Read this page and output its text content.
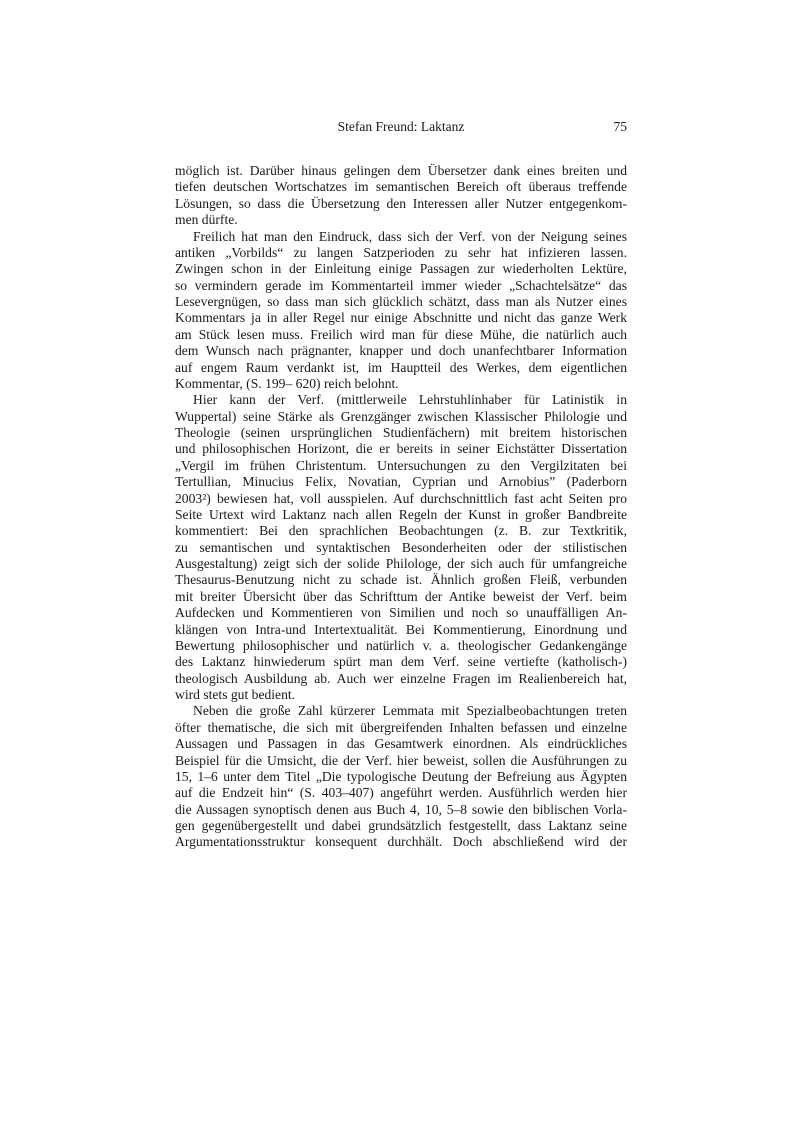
Stefan Freund: Laktanz	75
möglich ist. Darüber hinaus gelingen dem Übersetzer dank eines breiten und
tiefen deutschen Wortschatzes im semantischen Bereich oft überaus treffende
Lösungen, so dass die Übersetzung den Interessen aller Nutzer entgegenkom-
men dürfte.
Freilich hat man den Eindruck, dass sich der Verf. von der Neigung seines
antiken „Vorbilds“ zu langen Satzperioden zu sehr hat infizieren lassen.
Zwingen schon in der Einleitung einige Passagen zur wiederholten Lektüre,
so vermindern gerade im Kommentarteil immer wieder „Schachtelsätze“ das
Lesevergnügen, so dass man sich glücklich schätzt, dass man als Nutzer eines
Kommentars ja in aller Regel nur einige Abschnitte und nicht das ganze Werk
am Stück lesen muss. Freilich wird man für diese Mühe, die natürlich auch
dem Wunsch nach prägnanter, knapper und doch unanfechtbarer Information
auf engem Raum verdankt ist, im Hauptteil des Werkes, dem eigentlichen
Kommentar, (S. 199– 620) reich belohnt.
Hier kann der Verf. (mittlerweile Lehrstuhlinhaber für Latinistik in
Wuppertal) seine Stärke als Grenzgänger zwischen Klassischer Philologie und
Theologie (seinen ursprünglichen Studienfächern) mit breitem historischen
und philosophischen Horizont, die er bereits in seiner Eichstätter Dissertation
„Vergil im frühen Christentum. Untersuchungen zu den Vergilzitaten bei
Tertullian, Minucius Felix, Novatian, Cyprian und Arnobius” (Paderborn
2003²) bewiesen hat, voll ausspielen. Auf durchschnittlich fast acht Seiten pro
Seite Urtext wird Laktanz nach allen Regeln der Kunst in großer Bandbreite
kommentiert: Bei den sprachlichen Beobachtungen (z. B. zur Textkritik,
zu semantischen und syntaktischen Besonderheiten oder der stilistischen
Ausgestaltung) zeigt sich der solide Philologe, der sich auch für umfangreiche
Thesaurus-Benutzung nicht zu schade ist. Ähnlich großen Fleiß, verbunden
mit breiter Übersicht über das Schrifttum der Antike beweist der Verf. beim
Aufdecken und Kommentieren von Similien und noch so unauffälligen An-
klängen von Intra-und Intertextualität. Bei Kommentierung, Einordnung und
Bewertung philosophischer und natürlich v. a. theologischer Gedankengänge
des Laktanz hinwiederum spürt man dem Verf. seine vertiefte (katholisch-)
theologisch Ausbildung ab. Auch wer einzelne Fragen im Realienbereich hat,
wird stets gut bedient.
Neben die große Zahl kürzerer Lemmata mit Spezialbeobachtungen treten
öfter thematische, die sich mit übergreifenden Inhalten befassen und einzelne
Aussagen und Passagen in das Gesamtwerk einordnen. Als eindrückliches
Beispiel für die Umsicht, die der Verf. hier beweist, sollen die Ausführungen zu
15, 1–6 unter dem Titel „Die typologische Deutung der Befreiung aus Ägypten
auf die Endzeit hin“ (S. 403–407) angeführt werden. Ausführlich werden hier
die Aussagen synoptisch denen aus Buch 4, 10, 5–8 sowie den biblischen Vorla-
gen gegenübergestellt und dabei grundsätzlich festgestellt, dass Laktanz seine
Argumentationsstruktur konsequent durchhält. Doch abschließend wird der
